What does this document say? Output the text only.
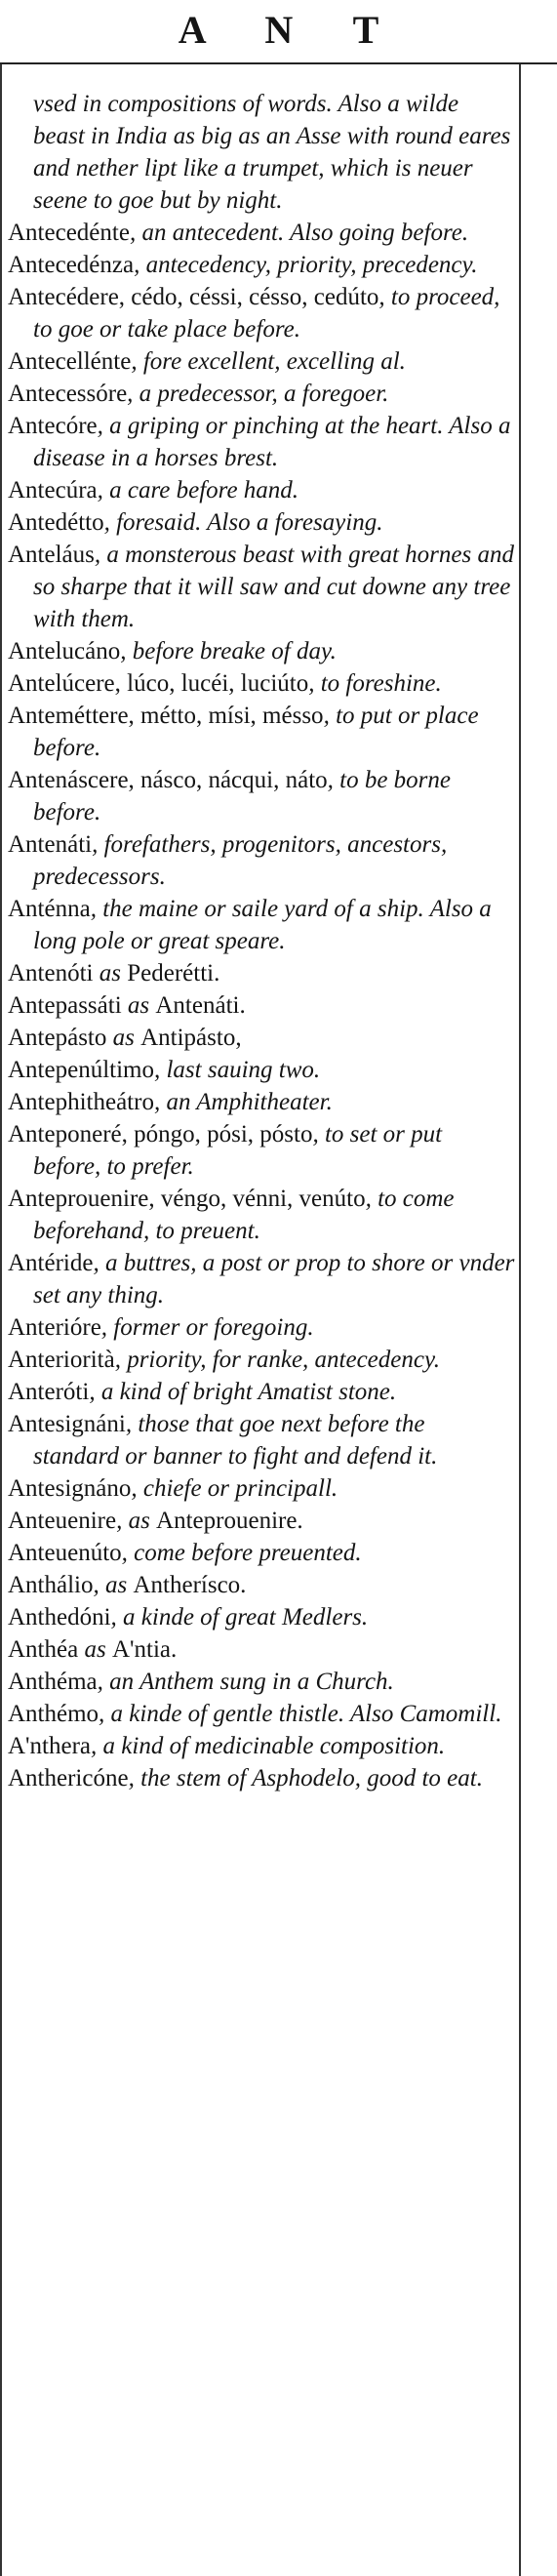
A N T

vsed in compositions of words. Also a wilde beast in India as big as an Asse with round eares and nether lipt like a trumpet, which is neuer seene to goe but by night.

Antecedénte, an antecedent. Also going before.

Antecedénza, antecedency, priority, precedency.

Antecédere, cédo, céssi, césso, cedúto, to proceed, to goe or take place before.

Antecellénte, fore excellent, excelling al.

Antecessóre, a predecessor, a foregoer.

Antecóre, a griping or pinching at the heart. Also a disease in a horses brest.

Antecúra, a care before hand.

Antedétto, foresaid. Also a foresaying.

Anteláus, a monsterous beast with great hornes and so sharpe that it will saw and cut downe any tree with them.

Antelucáno, before breake of day.

Antelúcere, lúco, lucéi, luciúto, to foreshine.

Anteméttere, métto, mísi, mésso, to put or place before.

Antenáscere, násco, nácqui, náto, to be borne before.

Antenáti, forefathers, progenitors, ancestors, predecessors.

Anténna, the maine or saile yard of a ship. Also a long pole or great speare.

Antenóti as Pederétti.

Antepassáti as Antenáti.

Antepásto as Antipásto,

Antepenúltimo, last sauing two.

Antephitheátro, an Amphitheater.

Anteponeré, póngo, pósi, pósto, to set or put before, to prefer.

Anteprouenire, véngo, vénni, venúto, to come beforehand, to preuent.

Antéride, a buttres, a post or prop to shore or vnder set any thing.

Anterióre, former or foregoing.

Anteriorità, priority, for ranke, antecedency.

Anteróti, a kind of bright Amatist stone.

Antesignáni, those that goe next before the standard or banner to fight and defend it.

Antesignáno, chiefe or principall.

Anteuenire, as Anteprouenire.

Anteuenúto, come before preuented.

Anthálio, as Antherísco.

Anthedóni, a kinde of great Medlers.

Anthéa as A'ntia.

Anthéma, an Anthem sung in a Church.

Anthémo, a kinde of gentle thistle. Also Camomill.

A'nthera, a kind of medicinable composition.

Anthericóne, the stem of Asphodelo, good to eat.
